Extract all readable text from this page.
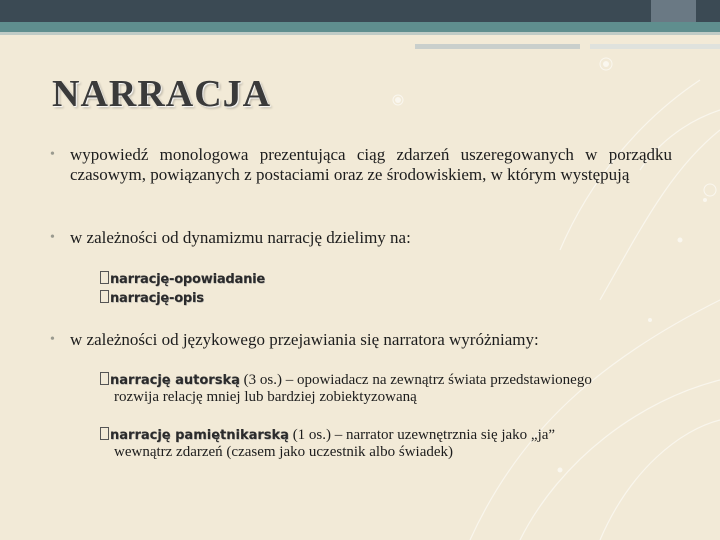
NARRACJA
• wypowiedź monologowa prezentująca ciąg zdarzeń uszeregowanych w porządku czasowym, powiązanych z postaciami oraz ze środowiskiem, w którym występują
• w zależności od dynamizmu narrację dzielimy na:
narrację-opowiadanie
narrację-opis
• w zależności od językowego przejawiania się narratora wyróżniamy:
narrację autorską (3 os.) – opowiadacz na zewnątrz świata przedstawionego
rozwija relację mniej lub bardziej zobiektyzowaną
narrację pamiętnikarską (1 os.) – narrator uzewnętrznia się jako „ja”
wewnątrz zdarzeń (czasem jako uczestnik albo świadek)
